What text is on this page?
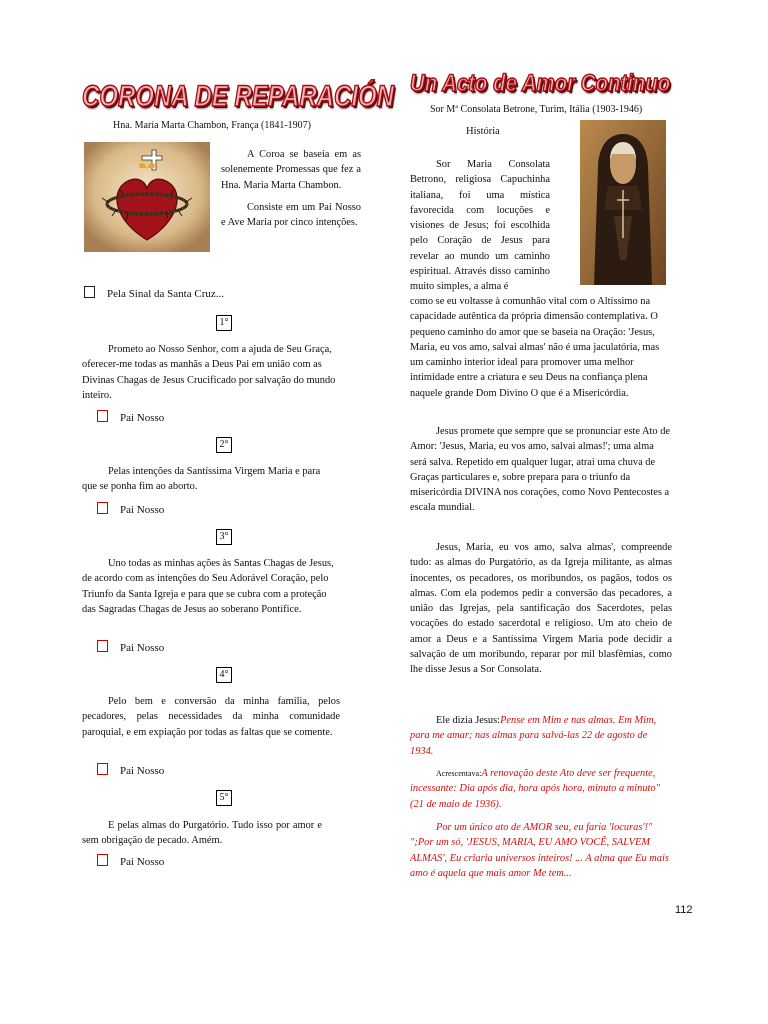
CORONA DE REPARACIÓN
Hna. María Marta Chambon, França (1841-1907)

A Coroa se baseia em as solenemente Promessas que fez a Hna. Maria Marta Chambon.

Consiste em um Pai Nosso e Ave Maria por cinco intenções.

Pela Sinal da Santa Cruz...
1°

Prometo ao Nosso Senhor, com a ajuda de Seu Graça, oferecer-me todas as manhãs a Deus Pai em união com as Divinas Chagas de Jesus Crucificado por salvação do mundo inteiro.

Pai Nosso
2°

Pelas intenções da Santíssima Virgem Maria e para que se ponha fim ao aborto.

Pai Nosso
3°

Uno todas as minhas ações às Santas Chagas de Jesus, de acordo com as intenções do Seu Adorável Coração, pelo Triunfo da Santa Igreja e para que se cubra com a proteção das Sagradas Chagas de Jesus ao soberano Pontífice.

Pai Nosso
4°

Pelo bem e conversão da minha família, pelos pecadores, pelas necessidades da minha comunidade paroquial, e em expiação por todas as faltas que se comente.

Pai Nosso
5°

E pelas almas do Purgatório. Tudo isso por amor e sem obrigação de pecado. Amém.

Pai Nosso
Un Acto de Amor Continuo
Sor Mª Consolata Betrone, Turim, Itália (1903-1946)
História

Sor Maria Consolata Betrono, religiosa Capuchinha italiana, foi uma mística favorecida com locuções e visiones de Jesus; foi escolhida pelo Coração de Jesus para revelar ao mundo um caminho espiritual. Através disso caminho muito simples, a alma é

como se eu voltasse à comunhão vital com o Altíssimo na capacidade autêntica da própria dimensão contemplativa. O pequeno caminho do amor que se baseia na Oração: 'Jesus, Maria, eu vos amo, salvai almas' não é uma jaculatória, mas um caminho interior ideal para promover uma melhor intimidade entre a criatura e seu Deus na confiança plena naquele grande Dom Divino O que é a Misericórdia.

Jesus promete que sempre que se pronunciar este Ato de Amor: 'Jesus, Maria, eu vos amo, salvai almas!'; uma alma será salva. Repetido em qualquer lugar, atrai uma chuva de Graças particulares e, sobre prepara para o triunfo da misericórdia DIVINA nos corações, como Novo Pentecostes a escala mundial.

Jesus, Maria, eu vos amo, salva almas', compreende tudo: as almas do Purgatório, as da Igreja militante, as almas inocentes, os pecadores, os moribundos, os pagãos, todos os almas. Com ela podemos pedir a conversão das pecadores, a união das Igrejas, pela santificação dos Sacerdotes, pelas vocações do estado sacerdotal e religioso. Um ato cheio de amor a Deus e a Santíssima Virgem Maria pode decidir a salvação de um moribundo, reparar por mil blasfêmias, como lhe disse Jesus a Sor Consolata.

Ele dizia Jesus:Pense em Mim e nas almas. Em Mim, para me amar; nas almas para salvá-las 22 de agosto de 1934.

Acrescentava:A renovação deste Ato deve ser frequente, incessante: Dia após dia, hora após hora, minuto a minuto" (21 de maio de 1936).

Por um único ato de AMOR seu, eu faria 'locuras'!" ";Por um só, 'JESUS, MARIA, EU AMO VOCÊ, SALVEM ALMAS', Eu criaria universos inteiros! ... A alma que Eu mais amo é aquela que mais amor Me tem...

112
